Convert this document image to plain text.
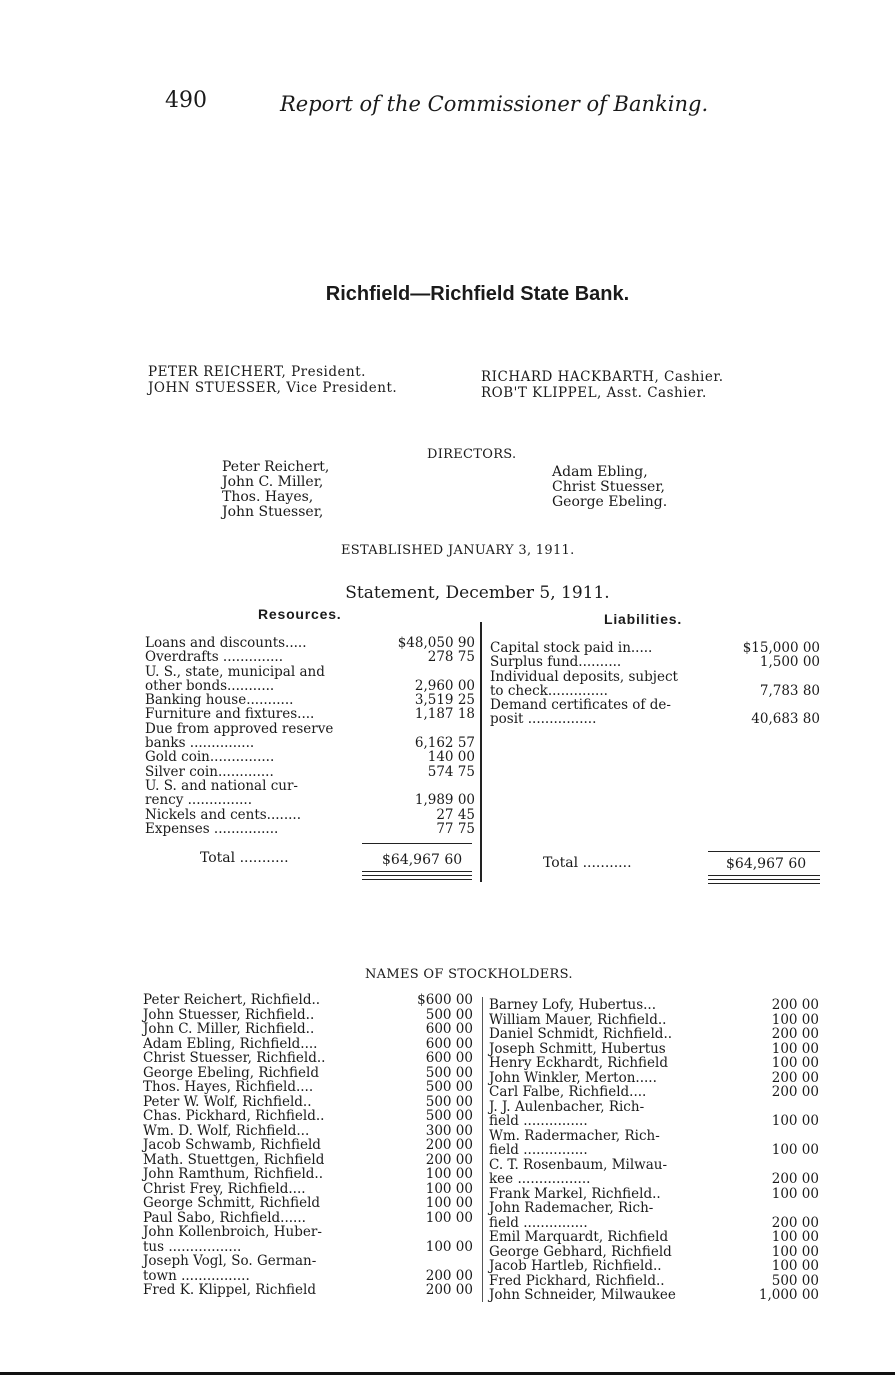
490	Report of the Commissioner of Banking.
Richfield—Richfield State Bank.
PETER REICHERT, President.
JOHN STUESSER, Vice President.
RICHARD HACKBARTH, Cashier.
ROB'T KLIPPEL, Asst. Cashier.
DIRECTORS.
Peter Reichert,
John C. Miller,
Thos. Hayes,
John Stuesser,
Adam Ebling,
Christ Stuesser,
George Ebeling.
ESTABLISHED JANUARY 3, 1911.
Statement, December 5, 1911.
Resources.	Liabilities.
Loans and discounts.....	$48,050 90
Overdrafts ..............	278 75
U. S., state, municipal and
other bonds...........	2,960 00
Banking house...........	3,519 25
Furniture and fixtures....	1,187 18
Due from approved reserve
banks ...............	6,162 57
Gold coin...............	140 00
Silver coin.............	574 75
U. S. and national cur-
rency ...............	1,989 00
Nickels and cents........	27 45
Expenses ...............	77 75
Total ...........	$64,967 60
Capital stock paid in.....	$15,000 00
Surplus fund..........	1,500 00
Individual deposits, subject
to check..............	7,783 80
Demand certificates of de-
posit ................	40,683 80
Total ...........	$64,967 60
NAMES OF STOCKHOLDERS.
Peter Reichert, Richfield..	$600 00
John Stuesser, Richfield..	500 00
John C. Miller, Richfield..	600 00
Adam Ebling, Richfield....	600 00
Christ Stuesser, Richfield..	600 00
George Ebeling, Richfield	500 00
Thos. Hayes, Richfield....	500 00
Peter W. Wolf, Richfield..	500 00
Chas. Pickhard, Richfield..	500 00
Wm. D. Wolf, Richfield...	300 00
Jacob Schwamb, Richfield	200 00
Math. Stuettgen, Richfield	200 00
John Ramthum, Richfield..	100 00
Christ Frey, Richfield....	100 00
George Schmitt, Richfield	100 00
Paul Sabo, Richfield......	100 00
John Kollenbroich, Huber-
tus .................	100 00
Joseph Vogl, So. German-
town ................	200 00
Fred K. Klippel, Richfield	200 00
Barney Lofy, Hubertus...	200 00
William Mauer, Richfield..	100 00
Daniel Schmidt, Richfield..	200 00
Joseph Schmitt, Hubertus	100 00
Henry Eckhardt, Richfield	100 00
John Winkler, Merton.....	200 00
Carl Falbe, Richfield....	200 00
J. J. Aulenbacher, Rich-
field ...............	100 00
Wm. Radermacher, Rich-
field ...............	100 00
C. T. Rosenbaum, Milwau-
kee .................	200 00
Frank Markel, Richfield..	100 00
John Rademacher, Rich-
field ...............	200 00
Emil Marquardt, Richfield	100 00
George Gebhard, Richfield	100 00
Jacob Hartleb, Richfield..	100 00
Fred Pickhard, Richfield..	500 00
John Schneider, Milwaukee	1,000 00
